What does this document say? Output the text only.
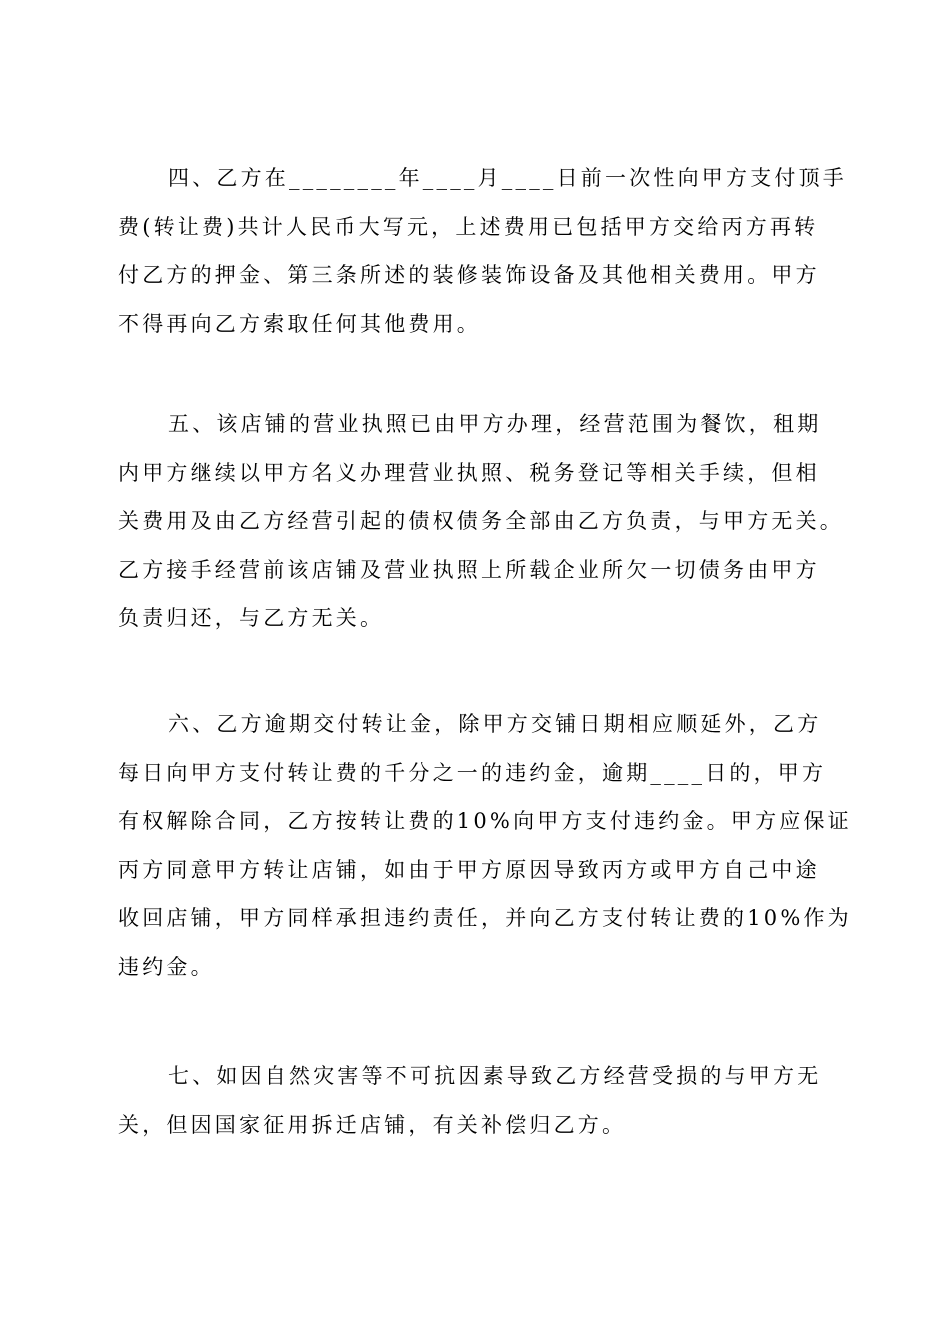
四、乙方在________年____月____日前一次性向甲方支付顶手
费(转让费)共计人民币大写元，上述费用已包括甲方交给丙方再转
付乙方的押金、第三条所述的装修装饰设备及其他相关费用。甲方
不得再向乙方索取任何其他费用。

五、该店铺的营业执照已由甲方办理，经营范围为餐饮，租期
内甲方继续以甲方名义办理营业执照、税务登记等相关手续，但相
关费用及由乙方经营引起的债权债务全部由乙方负责，与甲方无关。
乙方接手经营前该店铺及营业执照上所载企业所欠一切债务由甲方
负责归还，与乙方无关。

六、乙方逾期交付转让金，除甲方交铺日期相应顺延外，乙方
每日向甲方支付转让费的千分之一的违约金，逾期____日的，甲方
有权解除合同，乙方按转让费的10%向甲方支付违约金。甲方应保证
丙方同意甲方转让店铺，如由于甲方原因导致丙方或甲方自己中途
收回店铺，甲方同样承担违约责任，并向乙方支付转让费的10%作为
违约金。

七、如因自然灾害等不可抗因素导致乙方经营受损的与甲方无
关，但因国家征用拆迁店铺，有关补偿归乙方。
